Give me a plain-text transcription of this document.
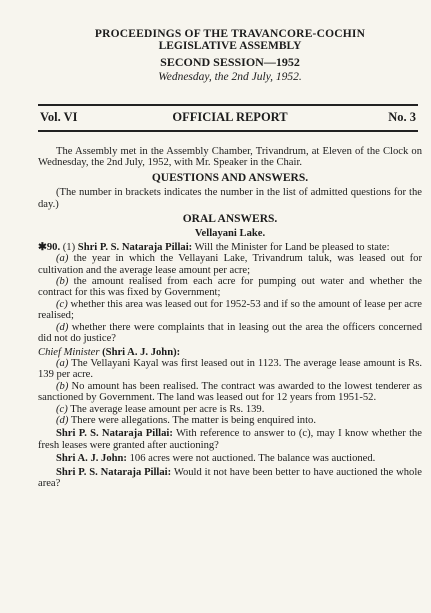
PROCEEDINGS OF THE TRAVANCORE-COCHIN
LEGISLATIVE ASSEMBLY
SECOND SESSION—1952
Wednesday, the 2nd July, 1952.
Vol. VI	OFFICIAL REPORT	No. 3

The Assembly met in the Assembly Chamber, Trivandrum, at Eleven of the Clock on Wednesday, the 2nd July, 1952, with Mr. Speaker in the Chair.

QUESTIONS AND ANSWERS.

(The number in brackets indicates the number in the list of admitted questions for the day.)

ORAL ANSWERS.

Vellayani Lake.

✱90. (1) Shri P. S. Nataraja Pillai: Will the Minister for Land be pleased to state:

(a) the year in which the Vellayani Lake, Trivandrum taluk, was leased out for cultivation and the average lease amount per acre;

(b) the amount realised from each acre for pumping out water and whether the contract for this was fixed by Government;

(c) whether this area was leased out for 1952-53 and if so the amount of lease per acre realised;

(d) whether there were complaints that in leasing out the area the officers concerned did not do justice?

Chief Minister (Shri A. J. John):

(a) The Vellayani Kayal was first leased out in 1123. The average lease amount is Rs. 139 per acre.

(b) No amount has been realised. The contract was awarded to the lowest tenderer as sanctioned by Government. The land was leased out for 12 years from 1951-52.

(c) The average lease amount per acre is Rs. 139.

(d) There were allegations. The matter is being enquired into.

Shri P. S. Nataraja Pillai: With reference to answer to (c), may I know whether the fresh leases were granted after auctioning?

Shri A. J. John: 106 acres were not auctioned. The balance was auctioned.

Shri P. S. Nataraja Pillai: Would it not have been better to have auctioned the whole area?
